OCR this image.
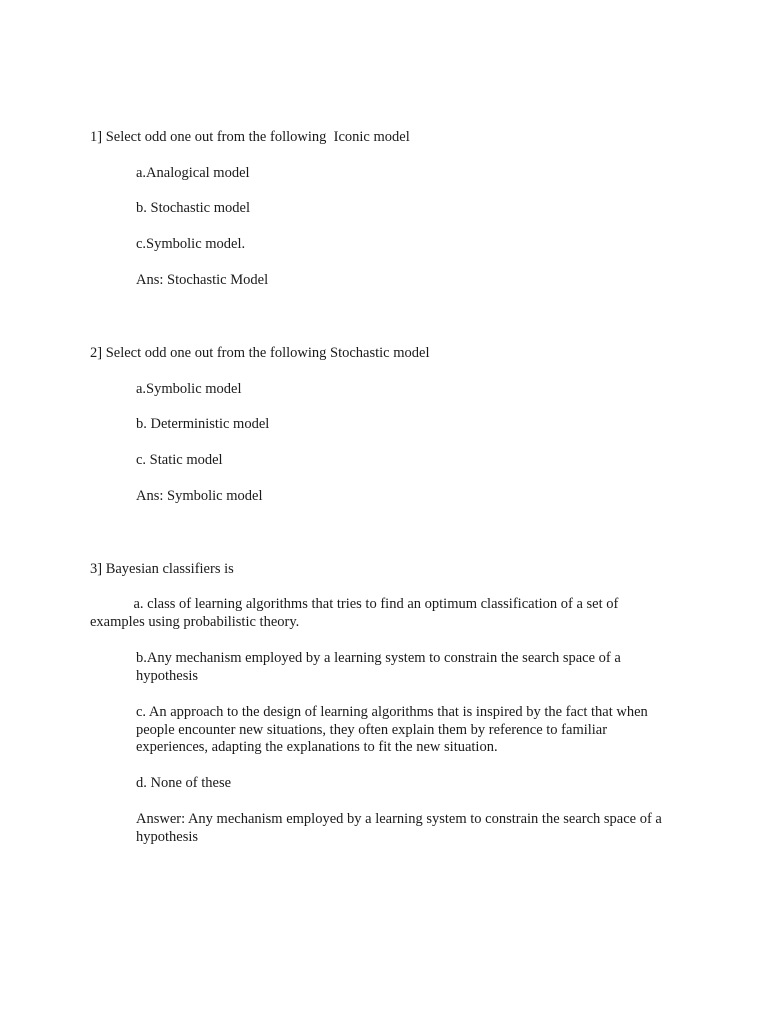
1] Select odd one out from the following  Iconic model
a.Analogical model
b. Stochastic model
c.Symbolic model.
Ans: Stochastic Model
2] Select odd one out from the following Stochastic model
a.Symbolic model
b. Deterministic model
c. Static model
Ans: Symbolic model
3] Bayesian classifiers is
a. class of learning algorithms that tries to find an optimum classification of a set of
examples using probabilistic theory.
b.Any mechanism employed by a learning system to constrain the search space of a hypothesis
c. An approach to the design of learning algorithms that is inspired by the fact that when people encounter new situations, they often explain them by reference to familiar experiences, adapting the explanations to fit the new situation.
d. None of these
Answer: Any mechanism employed by a learning system to constrain the search space of a hypothesis
